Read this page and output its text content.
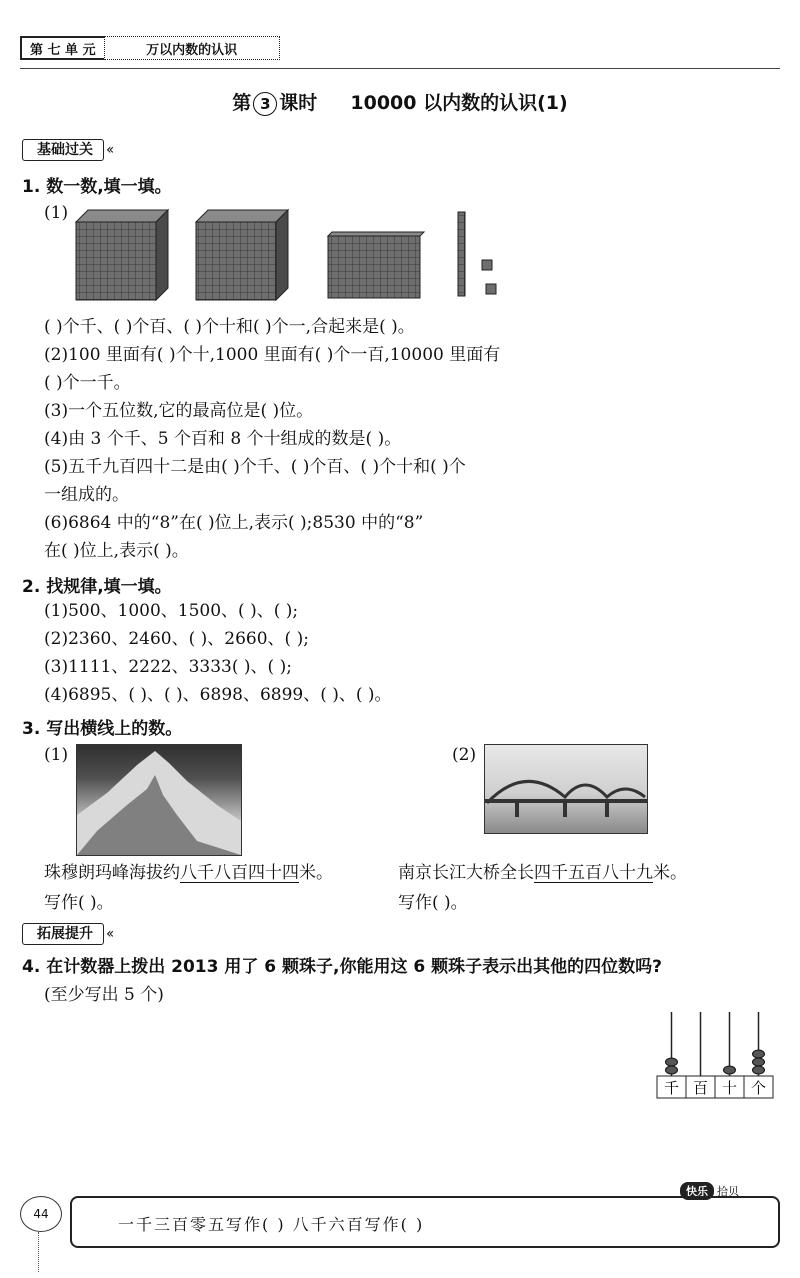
第 七 单 元	万以内数的认识
第 3 课时 10000 以内数的认识(1)
基础过关 ‹‹
1. 数一数,填一填。
(1)
( )个千、( )个百、( )个十和( )个一,合起来是( )。
(2)100 里面有( )个十,1000 里面有( )个一百,10000 里面有
( )个一千。
(3)一个五位数,它的最高位是( )位。
(4)由 3 个千、5 个百和 8 个十组成的数是( )。
(5)五千九百四十二是由( )个千、( )个百、( )个十和( )个
一组成的。
(6)6864 中的“8”在( )位上,表示( );8530 中的“8”
在( )位上,表示( )。
2. 找规律,填一填。
(1)500、1000、1500、( )、( );
(2)2360、2460、( )、2660、( );
(3)1111、2222、3333( )、( );
(4)6895、( )、( )、6898、6899、( )、( )。
3. 写出横线上的数。
(1)	(2)
珠穆朗玛峰海拔约八千八百四十四米。	南京长江大桥全长四千五百八十九米。
写作( )。	写作( )。
拓展提升 ‹‹
4. 在计数器上拨出 2013 用了 6 颗珠子,你能用这 6 颗珠子表示出其他的四位数吗?
(至少写出 5 个)
千 百 十 个
快乐 拾贝
44
一千三百零五写作( ) 八千六百写作( )
